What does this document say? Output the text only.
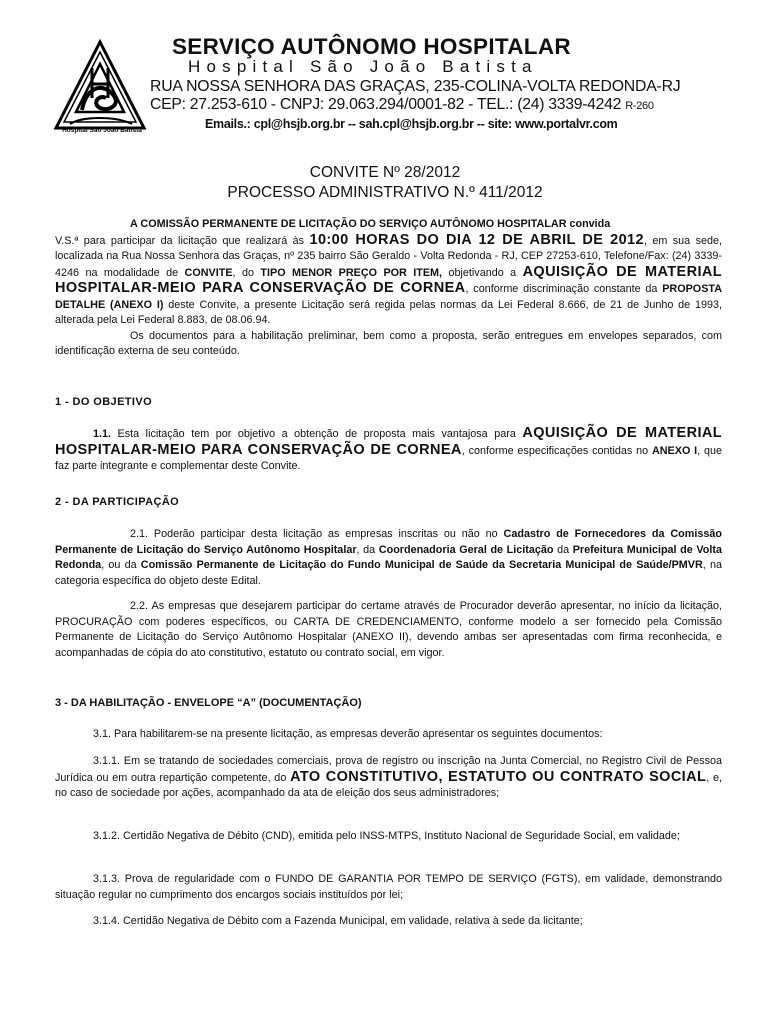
Hospital São João Batista
SERVIÇO AUTÔNOMO HOSPITALAR
Hospital São João Batista
RUA NOSSA SENHORA DAS GRAÇAS, 235-COLINA-VOLTA REDONDA-RJ
CEP: 27.253-610 - CNPJ: 29.063.294/0001-82 - TEL.: (24) 3339-4242 R-260
Emails.: cpl@hsjb.org.br -- sah.cpl@hsjb.org.br -- site: www.portalvr.com
CONVITE Nº 28/2012
PROCESSO ADMINISTRATIVO N.º 411/2012
A COMISSÃO PERMANENTE DE LICITAÇÃO DO SERVIÇO AUTÔNOMO HOSPITALAR convida
V.S.ª para participar da licitação que realizará às 10:00 HORAS DO DIA 12 DE ABRIL DE 2012, em sua sede, localizada na Rua Nossa Senhora das Graças, nº 235 bairro São Geraldo - Volta Redonda - RJ, CEP 27253-610, Telefone/Fax: (24) 3339-4246 na modalidade de CONVITE, do TIPO MENOR PREÇO POR ITEM, objetivando a AQUISIÇÃO DE MATERIAL HOSPITALAR-MEIO PARA CONSERVAÇÃO DE CORNEA, conforme discriminação constante da PROPOSTA DETALHE (ANEXO I) deste Convite, a presente Licitação será regida pelas normas da Lei Federal 8.666, de 21 de Junho de 1993, alterada pela Lei Federal 8.883, de 08.06.94.
Os documentos para a habilitação preliminar, bem como a proposta, serão entregues em envelopes separados, com identificação externa de seu conteúdo.
1 - DO OBJETIVO
1.1. Esta licitação tem por objetivo a obtenção de proposta mais vantajosa para AQUISIÇÃO DE MATERIAL HOSPITALAR-MEIO PARA CONSERVAÇÃO DE CORNEA, conforme especificações contidas no ANEXO I, que faz parte integrante e complementar deste Convite.
2 - DA PARTICIPAÇÃO
2.1. Poderão participar desta licitação as empresas inscritas ou não no Cadastro de Fornecedores da Comissão Permanente de Licitação do Serviço Autônomo Hospitalar, da Coordenadoria Geral de Licitação da Prefeitura Municipal de Volta Redonda, ou da Comissão Permanente de Licitação do Fundo Municipal de Saúde da Secretaria Municipal de Saúde/PMVR, na categoria específica do objeto deste Edital.
2.2. As empresas que desejarem participar do certame através de Procurador deverão apresentar, no início da licitação, PROCURAÇÃO com poderes específicos, ou CARTA DE CREDENCIAMENTO, conforme modelo a ser fornecido pela Comissão Permanente de Licitação do Serviço Autônomo Hospitalar (ANEXO II), devendo ambas ser apresentadas com firma reconhecida, e acompanhadas de cópia do ato constitutivo, estatuto ou contrato social, em vigor.
3 - DA HABILITAÇÃO - ENVELOPE “A” (DOCUMENTAÇÃO)
3.1. Para habilitarem-se na presente licitação, as empresas deverão apresentar os seguintes documentos:
3.1.1. Em se tratando de sociedades comerciais, prova de registro ou inscrição na Junta Comercial, no Registro Civil de Pessoa Jurídica ou em outra repartição competente, do ATO CONSTITUTIVO, ESTATUTO OU CONTRATO SOCIAL, e, no caso de sociedade por ações, acompanhado da ata de eleição dos seus administradores;
3.1.2. Certidão Negativa de Débito (CND), emitida pelo INSS-MTPS, Instituto Nacional de Seguridade Social, em validade;
3.1.3. Prova de regularidade com o FUNDO DE GARANTIA POR TEMPO DE SERVIÇO (FGTS), em validade, demonstrando situação regular no cumprimento dos encargos sociais instituídos por lei;
3.1.4. Certidão Negativa de Débito com a Fazenda Municipal, em validade, relativa à sede da licitante;
